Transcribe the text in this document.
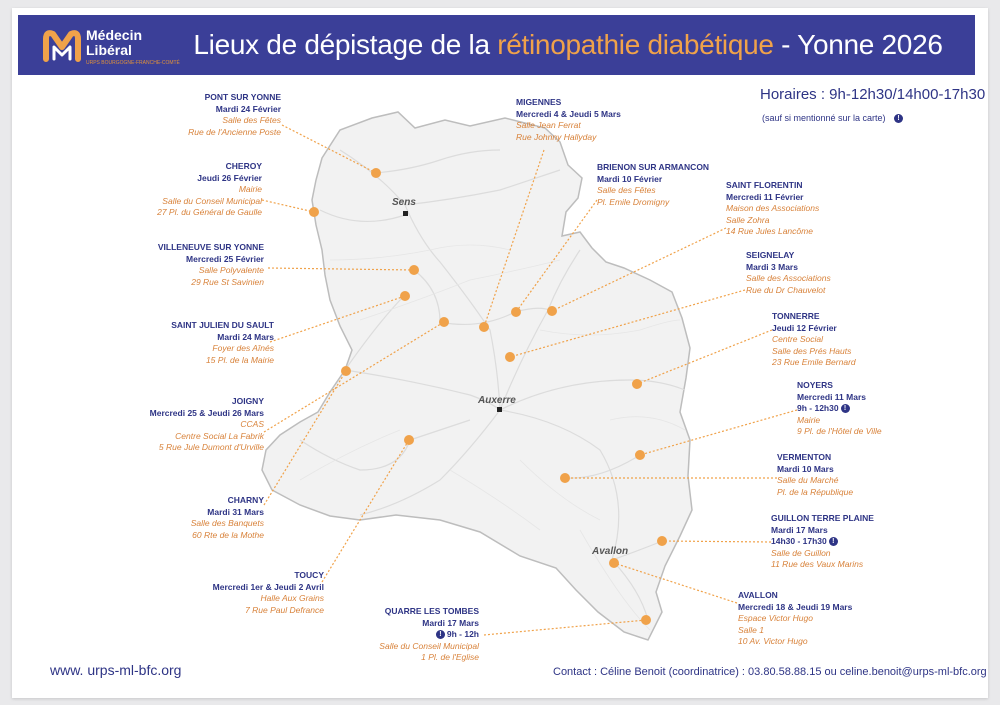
Lieux de dépistage de la rétinopathie diabétique - Yonne 2026
Médecin
Libéral
URPS BOURGOGNE-FRANCHE-COMTÉ
Sens
Auxerre
Avallon
PONT SUR YONNE
Mardi 24 Février
Salle des Fêtes
Rue de l'Ancienne Poste
CHEROY
Jeudi 26 Février
Mairie
Salle du Conseil Municipal
27 Pl. du Général de Gaulle
VILLENEUVE SUR YONNE
Mercredi 25 Février
Salle Polyvalente
29 Rue St Savinien
SAINT JULIEN DU SAULT
Mardi 24 Mars
Foyer des Aînés
15 Pl. de la Mairie
JOIGNY
Mercredi 25 & Jeudi 26 Mars
CCAS
Centre Social La Fabrik
5 Rue Jule Dumont d'Urville
CHARNY
Mardi 31 Mars
Salle des Banquets
60 Rte de la Mothe
TOUCY
Mercredi 1er & Jeudi 2 Avril
Halle Aux Grains
7 Rue Paul Defrance	QUARRE LES TOMBES
Mardi 17 Mars
! 9h - 12h
Salle du Conseil Municipal
1 Pl. de l'Eglise
MIGENNES
Mercredi 4 & Jeudi 5 Mars
Salle Jean Ferrat
Rue Johnny Hallyday
BRIENON SUR ARMANCON
Mardi 10 Février
Salle des Fêtes
Pl. Emile Dromigny
SAINT FLORENTIN
Mercredi 11 Février
Maison des Associations
Salle Zohra
14 Rue Jules Lancôme
SEIGNELAY
Mardi 3 Mars
Salle des Associations
Rue du Dr Chauvelot
TONNERRE
Jeudi 12 Février
Centre Social
Salle des Prés Hauts
23 Rue Emile Bernard
NOYERS
Mercredi 11 Mars
9h - 12h30 !
Mairie
9 Pl. de l'Hôtel de Ville
VERMENTON
Mardi 10 Mars
Salle du Marché
Pl. de la République
GUILLON TERRE PLAINE
Mardi 17 Mars
14h30 - 17h30 !
Salle de Guillon
11 Rue des Vaux Marins
AVALLON
Mercredi 18 & Jeudi 19 Mars
Espace Victor Hugo
Salle 1
10 Av. Victor Hugo
Horaires : 9h-12h30/14h00-17h30
(sauf si mentionné sur la carte) !
www. urps-ml-bfc.org	Contact : Céline Benoit (coordinatrice) : 03.80.58.88.15 ou celine.benoit@urps-ml-bfc.org
